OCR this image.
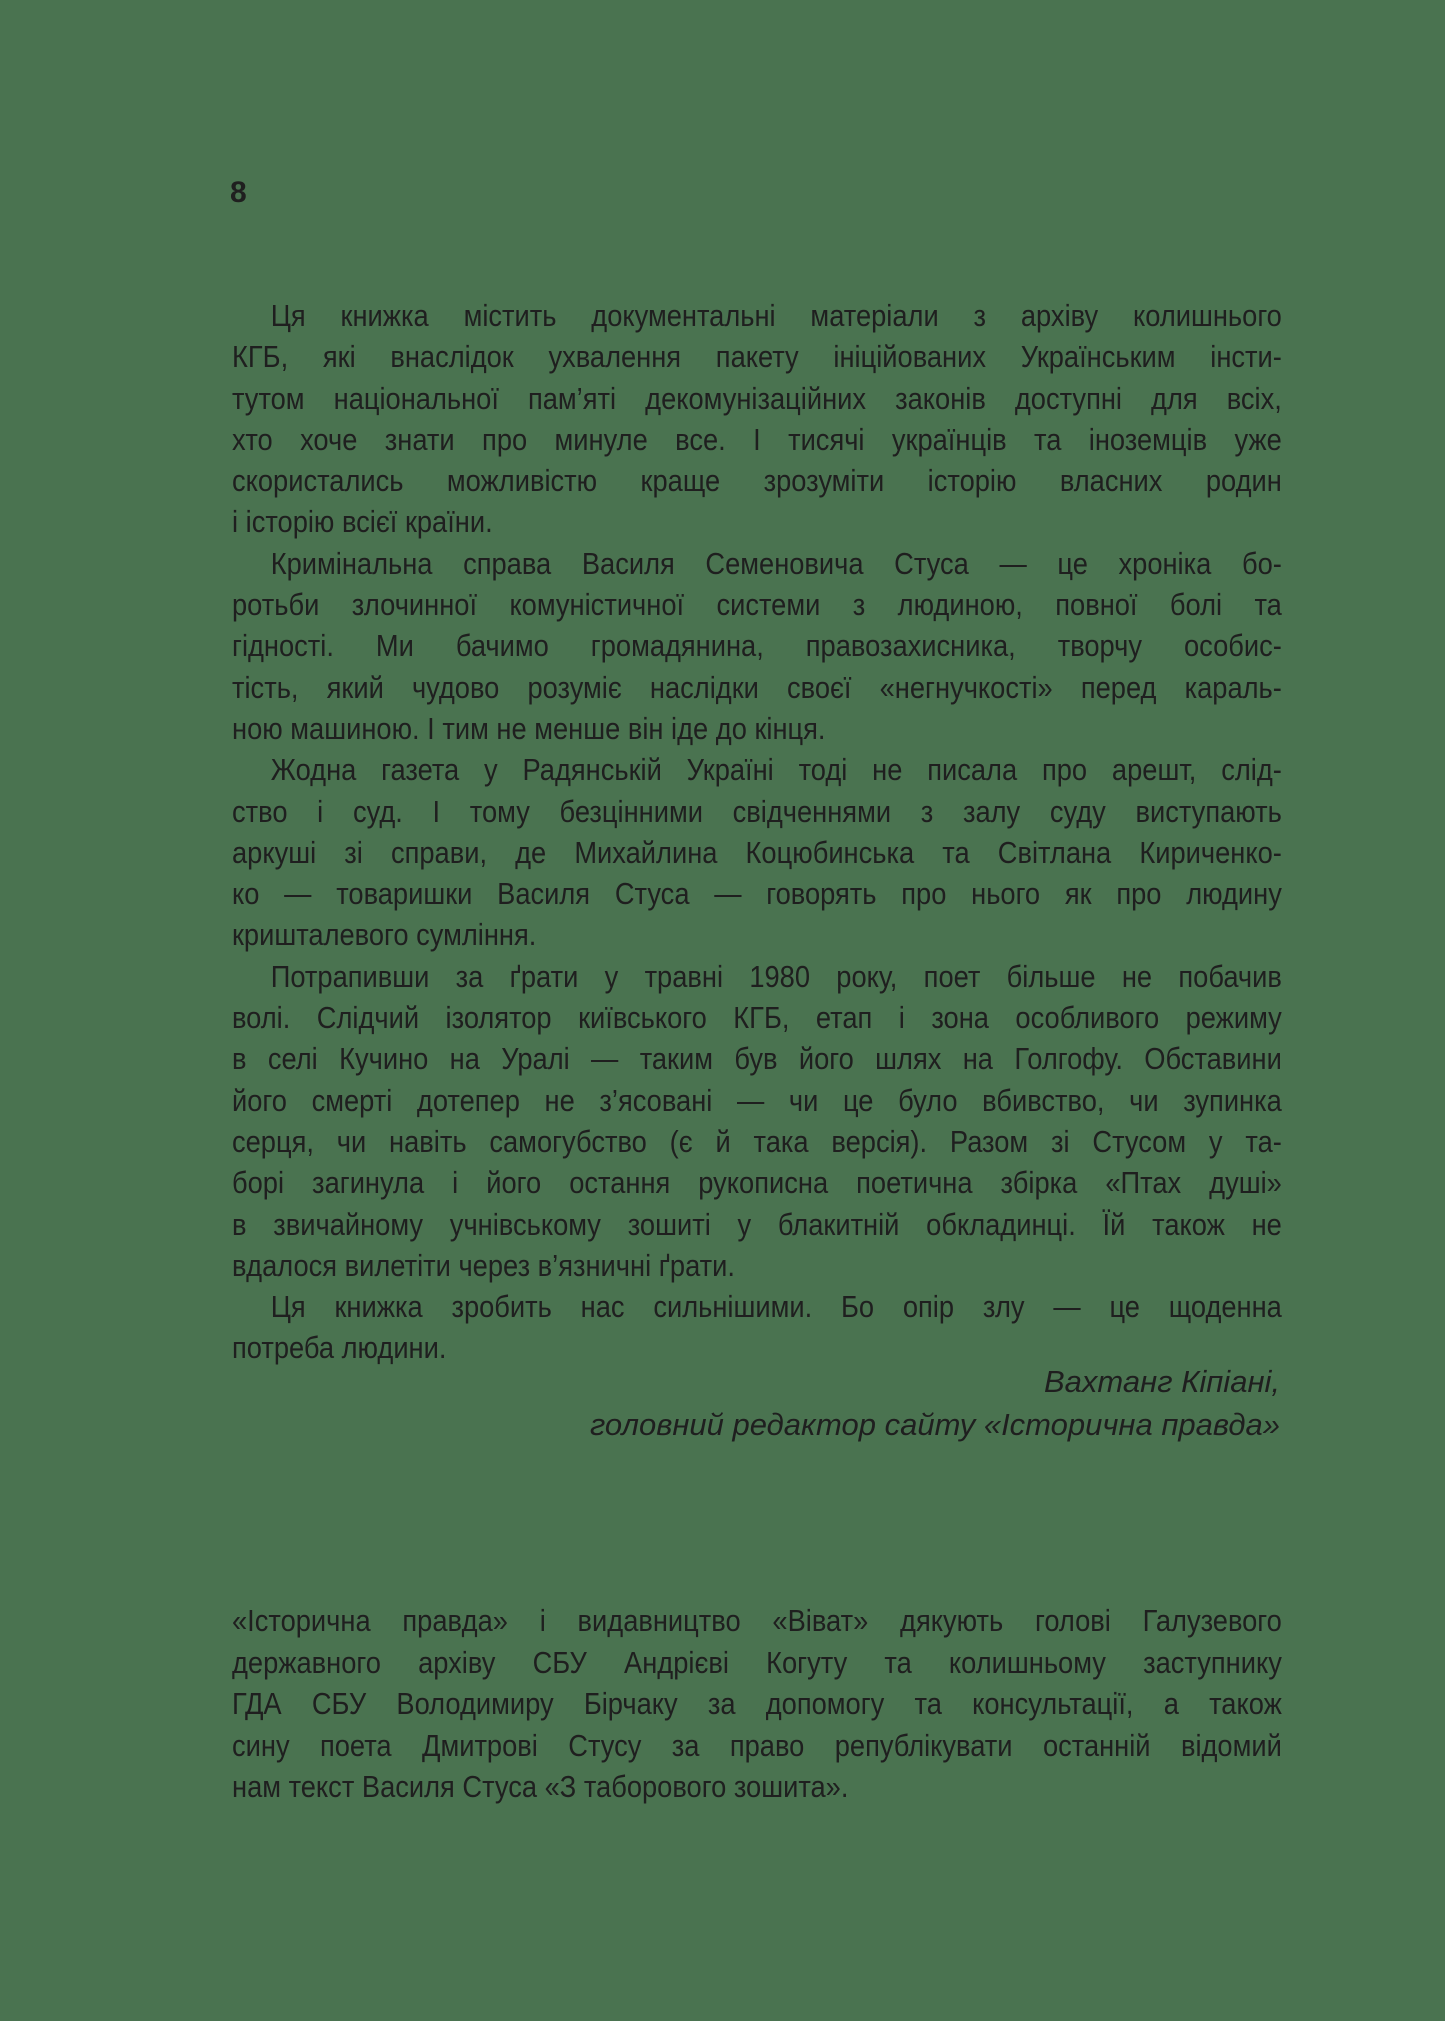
8

Ця книжка містить документальні матеріали з архіву колишнього
КГБ, які внаслідок ухвалення пакету ініційованих Українським інсти-
тутом національної пам’яті декомунізаційних законів доступні для всіх,
хто хоче знати про минуле все. І тисячі українців та іноземців уже
скористались можливістю краще зрозуміти історію власних родин
і історію всієї країни.

Кримінальна справа Василя Семеновича Стуса — це хроніка бо-
ротьби злочинної комуністичної системи з людиною, повної болі та
гідності. Ми бачимо громадянина, правозахисника, творчу особис-
тість, який чудово розуміє наслідки своєї «негнучкості» перед караль-
ною машиною. І тим не менше він іде до кінця.

Жодна газета у Радянській Україні тоді не писала про арешт, слід-
ство і суд. І тому безцінними свідченнями з залу суду виступають
аркуші зі справи, де Михайлина Коцюбинська та Світлана Кириченко-
ко — товаришки Василя Стуса — говорять про нього як про людину
кришталевого сумління.

Потрапивши за ґрати у травні 1980 року, поет більше не побачив
волі. Слідчий ізолятор київського КГБ, етап і зона особливого режиму
в селі Кучино на Уралі — таким був його шлях на Голгофу. Обставини
його смерті дотепер не з’ясовані — чи це було вбивство, чи зупинка
серця, чи навіть самогубство (є й така версія). Разом зі Стусом у та-
борі загинула і його остання рукописна поетична збірка «Птах душі»
в звичайному учнівському зошиті у блакитній обкладинці. Їй також не
вдалося вилетіти через в’язничні ґрати.

Ця книжка зробить нас сильнішими. Бо опір злу — це щоденна
потреба людини.

Вахтанг Кіпіані,
головний редактор сайту «Історична правда»

«Історична правда» і видавництво «Віват» дякують голові Галузевого
державного архіву СБУ Андрієві Когуту та колишньому заступнику
ГДА СБУ Володимиру Бірчаку за допомогу та консультації, а також
сину поета Дмитрові Стусу за право републікувати останній відомий
нам текст Василя Стуса «З таборового зошита».
